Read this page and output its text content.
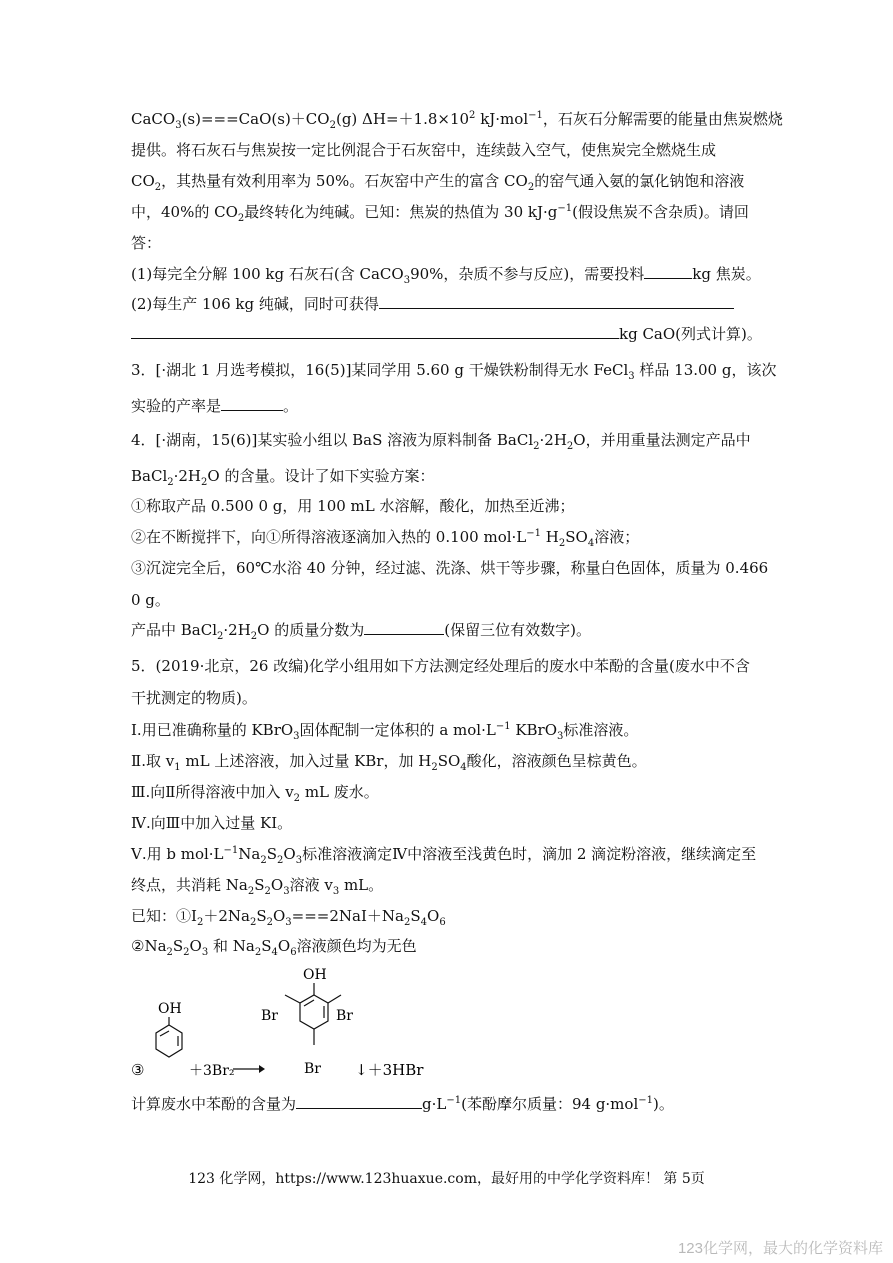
$CaCO_3(s)===CaO(s)+CO_2(g)$ $\Delta H=+1.8\times 10^2$ kJ·mol$^{-1}$，石灰石分解需要的能量由焦炭燃烧
提供。将石灰石与焦炭按一定比例混合于石灰窑中，连续鼓入空气，使焦炭完全燃烧生成
$CO_2$，其热量有效利用率为 50%。石灰窑中产生的富含 $CO_2$的窑气通入氨的氯化钠饱和溶液
中，40%的 $CO_2$最终转化为纯碱。已知：焦炭的热值为 30 $kJ\cdot g^{-1}$(假设焦炭不含杂质)。请回
答：
(1)每完全分解 100 kg 石灰石(含 CaCO$_3$90%，杂质不参与反应)，需要投料	kg 焦炭。
(2)每生产 106 kg 纯碱，同时可获得
kg CaO(列式计算)。
3．[·湖北 1 月选考模拟，16(5)]某同学用 5.60 g 干燥铁粉制得无水 FeCl$_3$ 样品 13.00 g，该次
实验的产率是	。
4．[·湖南，15(6)]某实验小组以 BaS 溶液为原料制备 $BaCl_2\cdot 2H_2O$，并用重量法测定产品中
$BaCl_2\cdot 2H_2O$ 的含量。设计了如下实验方案：
①称取产品 0.500 0 g，用 100 mL 水溶解，酸化，加热至近沸；
②在不断搅拌下，向①所得溶液逐滴加入热的 0.100 $mol\cdot L^{-1}$ $H_2SO_4$溶液；
③沉淀完全后，60℃水浴 40 分钟，经过滤、洗涤、烘干等步骤，称量白色固体，质量为 0.466
0 g。
产品中 $BaCl_2\cdot 2H_2O$ 的质量分数为	(保留三位有效数字)。
5．(2019·北京，26 改编)化学小组用如下方法测定经处理后的废水中苯酚的含量(废水中不含
干扰测定的物质)。
Ⅰ.用已准确称量的 KBrO$_3$固体配制一定体积的 a $mol\cdot L^{-1}$ KBrO$_3$标准溶液。
Ⅱ.取 $v_1$ mL 上述溶液，加入过量 KBr，加 $H_2SO_4$酸化，溶液颜色呈棕黄色。
Ⅲ.向Ⅱ所得溶液中加入 $v_2$ mL 废水。
Ⅳ.向Ⅲ中加入过量 KI。
Ⅴ.用 b $mol\cdot L^{-1}Na_2S_2O_3$标准溶液滴定Ⅳ中溶液至浅黄色时，滴加 2 滴淀粉溶液，继续滴定至
终点，共消耗 $Na_2S_2O_3$溶液 $v_3$ mL。
已知：$①I_2+2Na_2S_2O_3===2NaI+Na_2S_4O_6$
$②Na_2S_2O_3$ 和 $Na_2S_4O_6$溶液颜色均为无色
计算废水中苯酚的含量为	$g\cdot L^{-1}$(苯酚摩尔质量：94 g·mol$^{-1}$)。
③
OH
＋3Br₂
OH
Br	Br
Br ↓＋3HBr
123 化学网，https://www.123huaxue.com，最好用的中学化学资料库！ 第 5页
123化学网，最大的化学资料库
